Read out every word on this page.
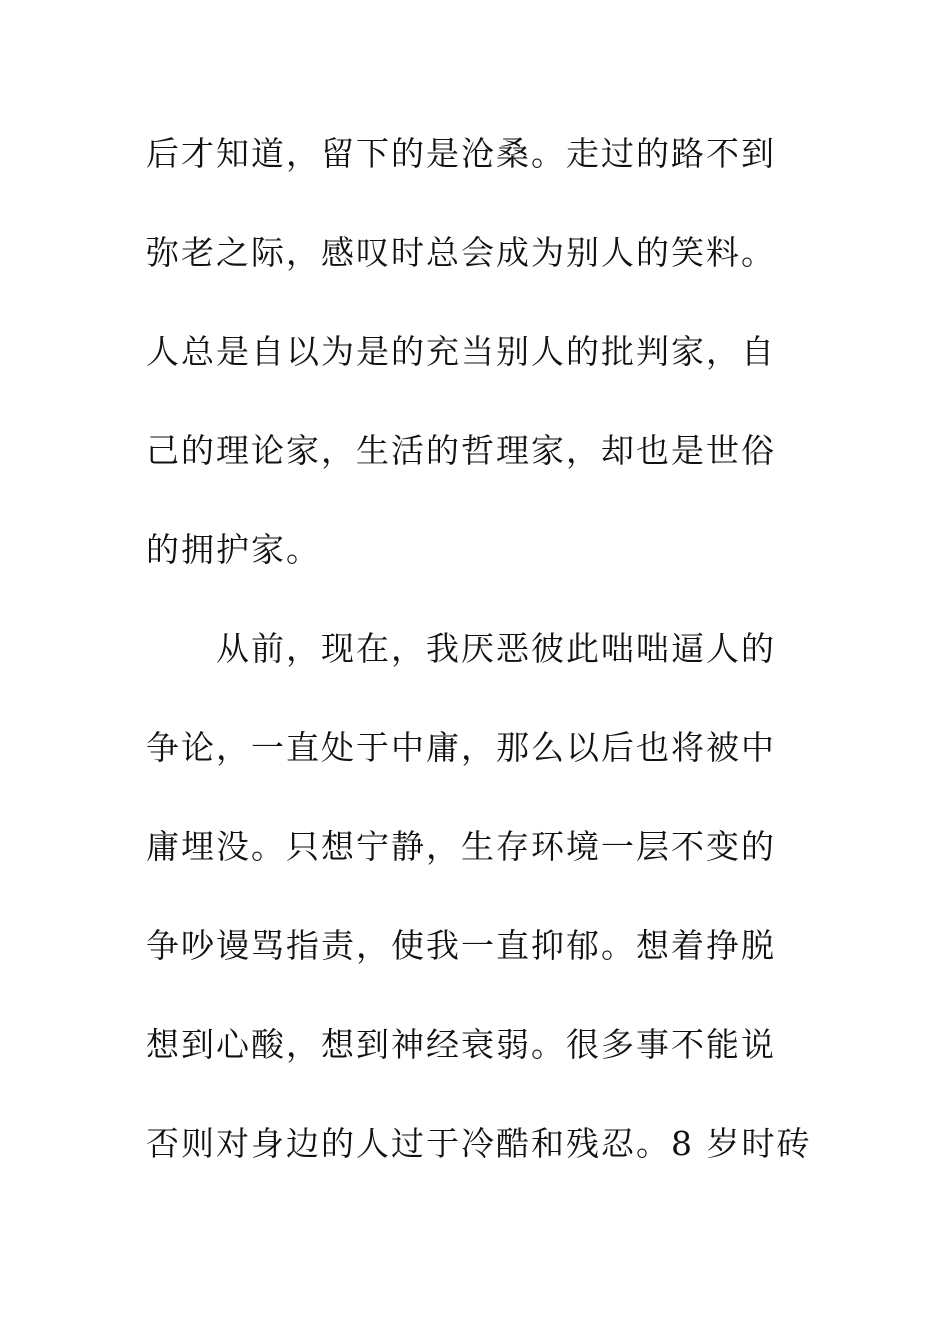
后才知道，留下的是沧桑。走过的路不到
弥老之际，感叹时总会成为别人的笑料。
人总是自以为是的充当别人的批判家，自
己的理论家，生活的哲理家，却也是世俗
的拥护家。
从前，现在，我厌恶彼此咄咄逼人的
争论，一直处于中庸，那么以后也将被中
庸埋没。只想宁静，生存环境一层不变的
争吵谩骂指责，使我一直抑郁。想着挣脱
想到心酸，想到神经衰弱。很多事不能说
否则对身边的人过于冷酷和残忍。8 岁时砖
